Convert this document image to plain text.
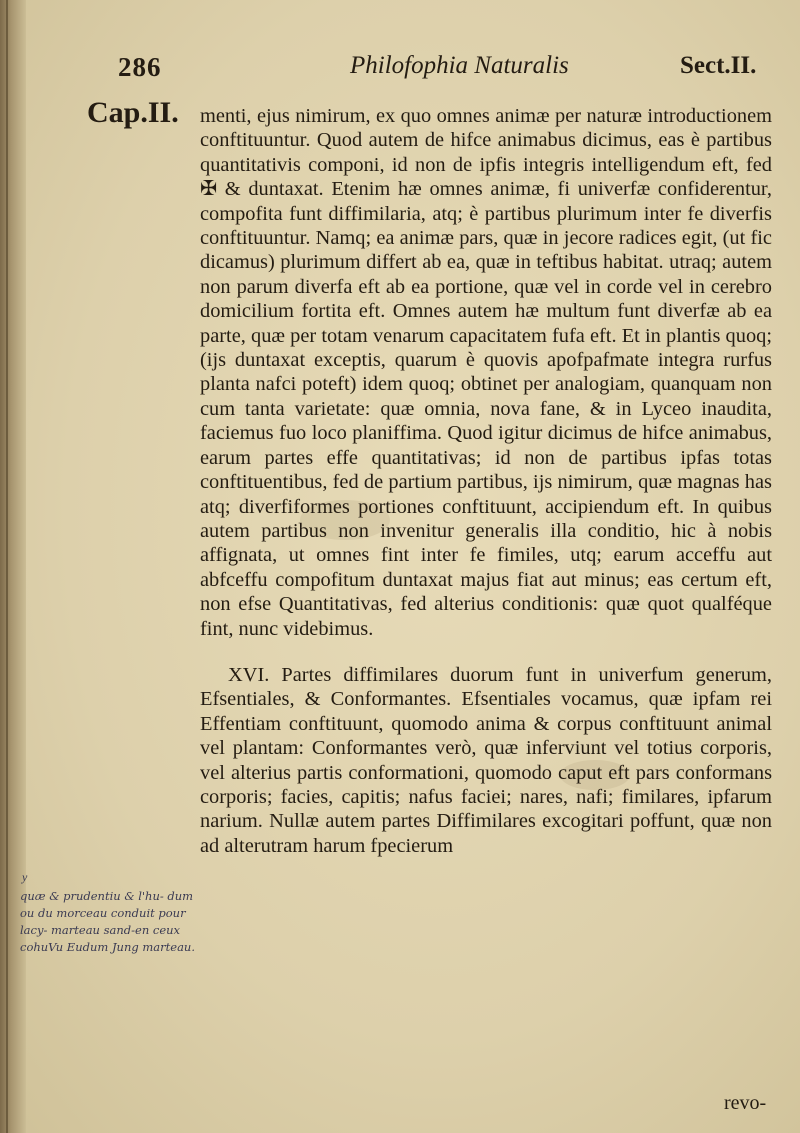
286	Philofophia Naturalis	Sect.II.
Cap.II. menti, ejus nimirum, ex quo omnes animæ per naturæ introductionem conftituuntur. Quod autem de hifce animabus dicimus, eas è partibus quantitativis componi, id non de ipfis integris intelligendum eft, fed ✠ & duntaxat. Etenim hæ omnes animæ, fi univerfæ confiderentur, compofita funt diffimilaria, atq; è partibus plurimum inter fe diverfis conftituuntur. Namq; ea animæ pars, quæ in jecore radices egit, (ut fic dicamus) plurimum differt ab ea, quæ in teftibus habitat. utraq; autem non parum diverfa eft ab ea portione, quæ vel in corde vel in cerebro domicilium fortita eft. Omnes autem hæ multum funt diverfæ ab ea parte, quæ per totam venarum capacitatem fufa eft. Et in plantis quoq; (ijs duntaxat exceptis, quarum è quovis apofpafmate integra rurfus planta nafci poteft) idem quoq; obtinet per analogiam, quanquam non cum tanta varietate: quæ omnia, nova fane, & in Lyceo inaudita, faciemus fuo loco planiffima. Quod igitur dicimus de hifce animabus, earum partes effe quantitativas; id non de partibus ipfas totas conftituentibus, fed de partium partibus, ijs nimirum, quæ magnas has atq; diverfiformes portiones conftituunt, accipiendum eft. In quibus autem partibus non invenitur generalis illa conditio, hic à nobis affignata, ut omnes fint inter fe fimiles, utq; earum acceffu aut abfceffu compofitum duntaxat majus fiat aut minus; eas certum eft, non efse Quantitativas, fed alterius conditionis: quæ quot qualféque fint, nunc videbimus.

XVI. Partes diffimilares duorum funt in univerfum generum, Efsentiales, & Conformantes. Efsentiales vocamus, quæ ipfam rei Effentiam conftituunt, quomodo anima & corpus conftituunt animal vel plantam: Conformantes verò, quæ inferviunt vel totius corporis, vel alterius partis conformationi, quomodo caput eft pars conformans corporis; facies, capitis; nafus faciei; nares, nafi; fimilares, ipfarum narium. Nullæ autem partes Diffimilares excogitari poffunt, quæ non ad alterutram harum fpecierum

y
quæ & prudentiu & l'hu- dum ou du morceau conduit pour lacy- marteau sand-en ceux cohuVu Eudum Jung marteau.
revo-
